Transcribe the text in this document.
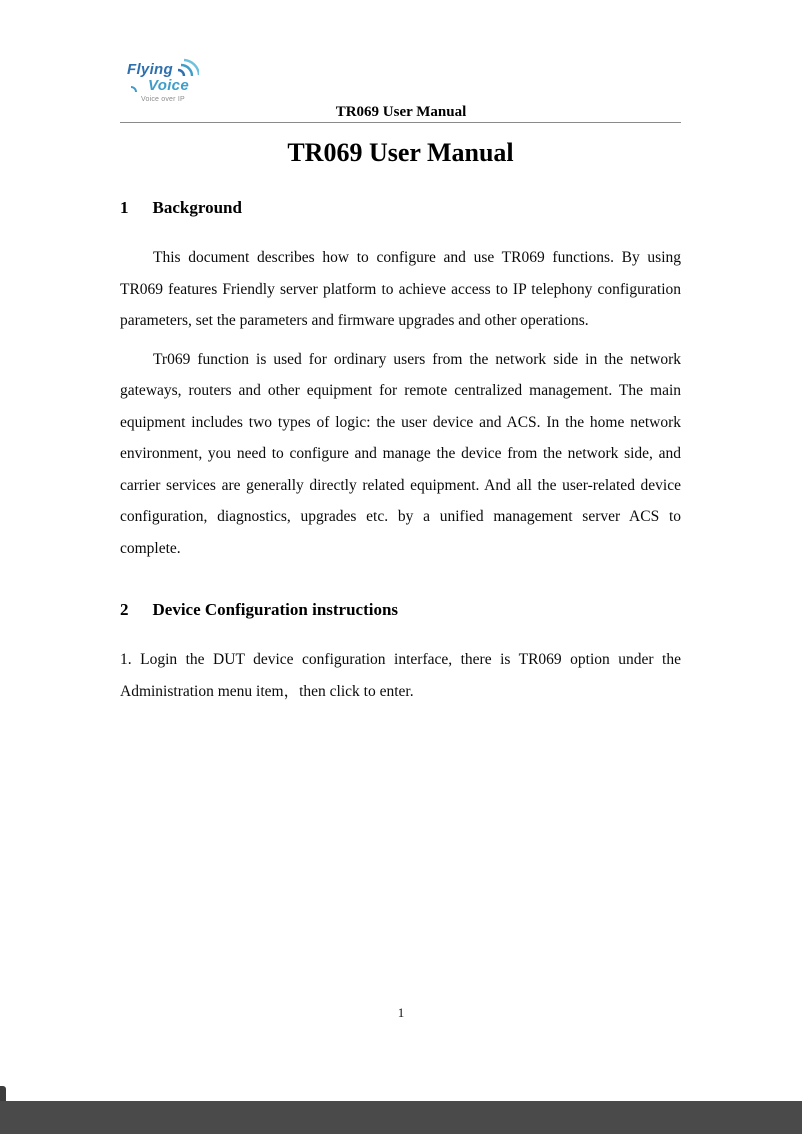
Flying
Voice
Voice over IP
TR069 User Manual
TR069 User Manual
1 Background

This document describes how to configure and use TR069 functions. By using TR069 features Friendly server platform to achieve access to IP telephony configuration parameters, set the parameters and firmware upgrades and other operations.

Tr069 function is used for ordinary users from the network side in the network gateways, routers and other equipment for remote centralized management. The main equipment includes two types of logic: the user device and ACS. In the home network environment, you need to configure and manage the device from the network side, and carrier services are generally directly related equipment. And all the user-related device configuration, diagnostics, upgrades etc. by a unified management server ACS to complete.

2 Device Configuration instructions

1. Login the DUT device configuration interface, there is TR069 option under the Administration menu item，then click to enter.

1
